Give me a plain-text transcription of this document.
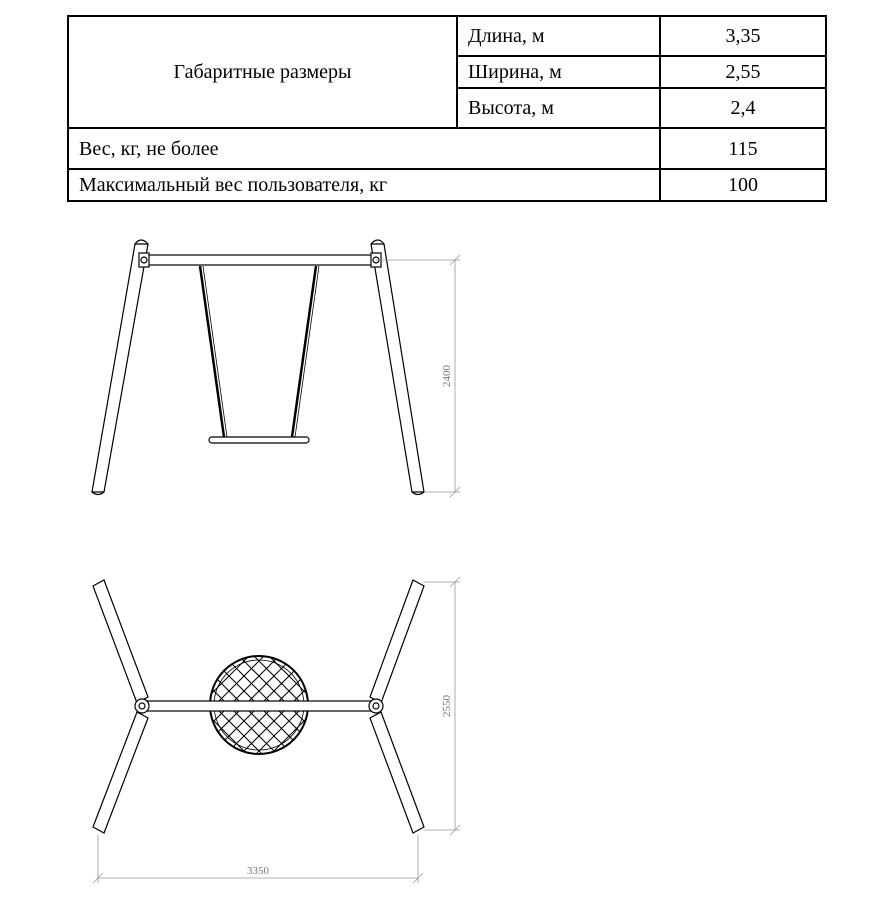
Габаритные размеры	Длина, м	3,35
	Ширина, м	2,55
	Высота, м	2,4
Вес, кг, не более		115
Максимальный вес пользователя, кг		100
2400
2550
3350
